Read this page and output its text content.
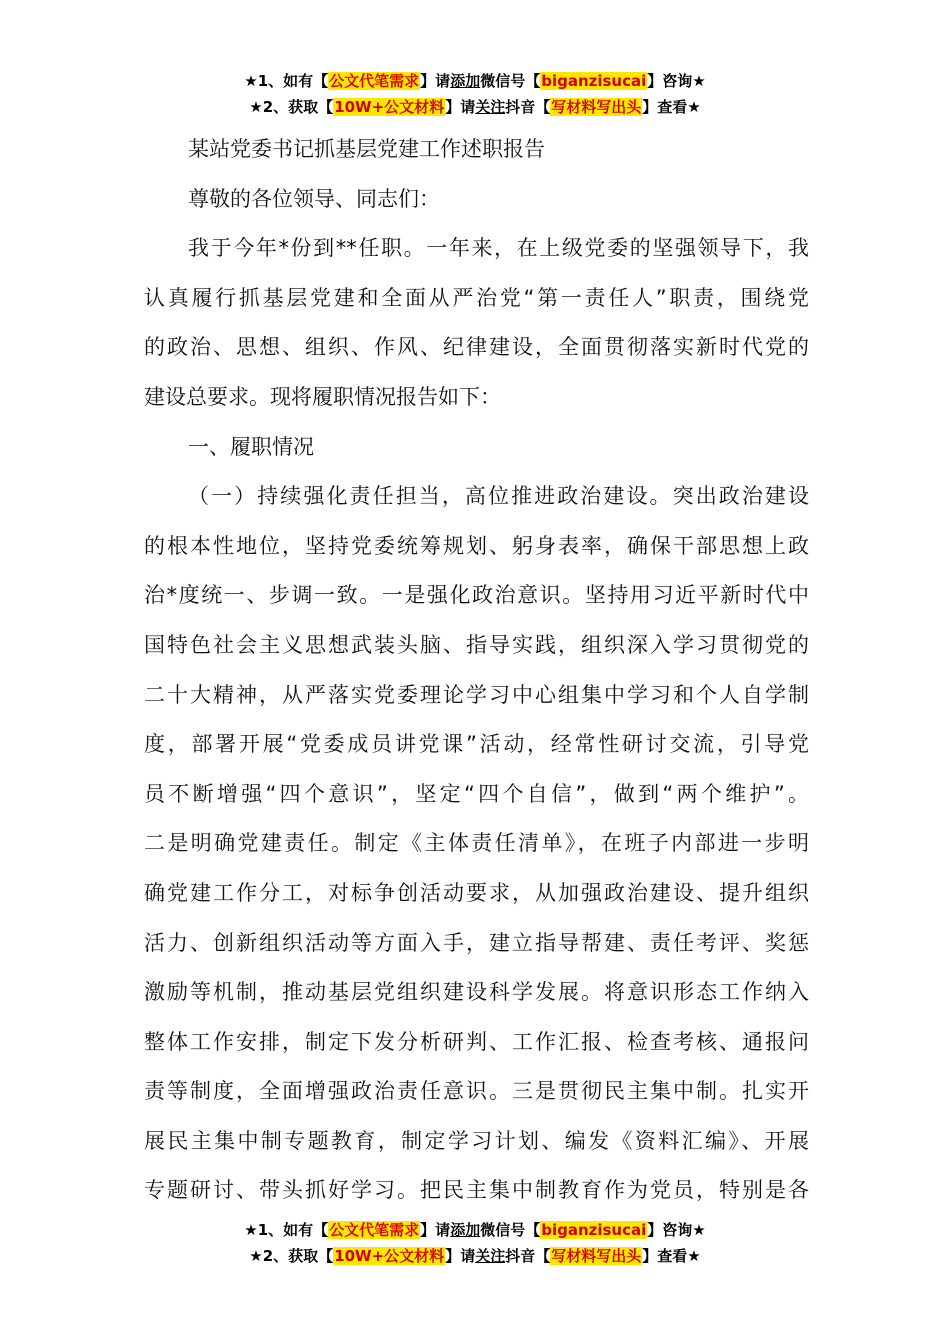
★1、如有【公文代笔需求】请添加微信号【biganzisucai】咨询★
★2、获取【10W+公文材料】请关注抖音【写材料写出头】查看★
某站党委书记抓基层党建工作述职报告
尊敬的各位领导、同志们：
我于今年*份到**任职。一年来，在上级党委的坚强领导下，我
认真履行抓基层党建和全面从严治党“第一责任人”职责，围绕党
的政治、思想、组织、作风、纪律建设，全面贯彻落实新时代党的
建设总要求。现将履职情况报告如下：
一、履职情况
（一）持续强化责任担当，高位推进政治建设。突出政治建设
的根本性地位，坚持党委统筹规划、躬身表率，确保干部思想上政
治*度统一、步调一致。一是强化政治意识。坚持用习近平新时代中
国特色社会主义思想武装头脑、指导实践，组织深入学习贯彻党的
二十大精神，从严落实党委理论学习中心组集中学习和个人自学制
度，部署开展“党委成员讲党课”活动，经常性研讨交流，引导党
员不断增强“四个意识”，坚定“四个自信”，做到“两个维护”。
二是明确党建责任。制定《主体责任清单》，在班子内部进一步明
确党建工作分工，对标争创活动要求，从加强政治建设、提升组织
活力、创新组织活动等方面入手，建立指导帮建、责任考评、奖惩
激励等机制，推动基层党组织建设科学发展。将意识形态工作纳入
整体工作安排，制定下发分析研判、工作汇报、检查考核、通报问
责等制度，全面增强政治责任意识。三是贯彻民主集中制。扎实开
展民主集中制专题教育，制定学习计划、编发《资料汇编》、开展
专题研讨、带头抓好学习。把民主集中制教育作为党员，特别是各
★1、如有【公文代笔需求】请添加微信号【biganzisucai】咨询★
★2、获取【10W+公文材料】请关注抖音【写材料写出头】查看★
